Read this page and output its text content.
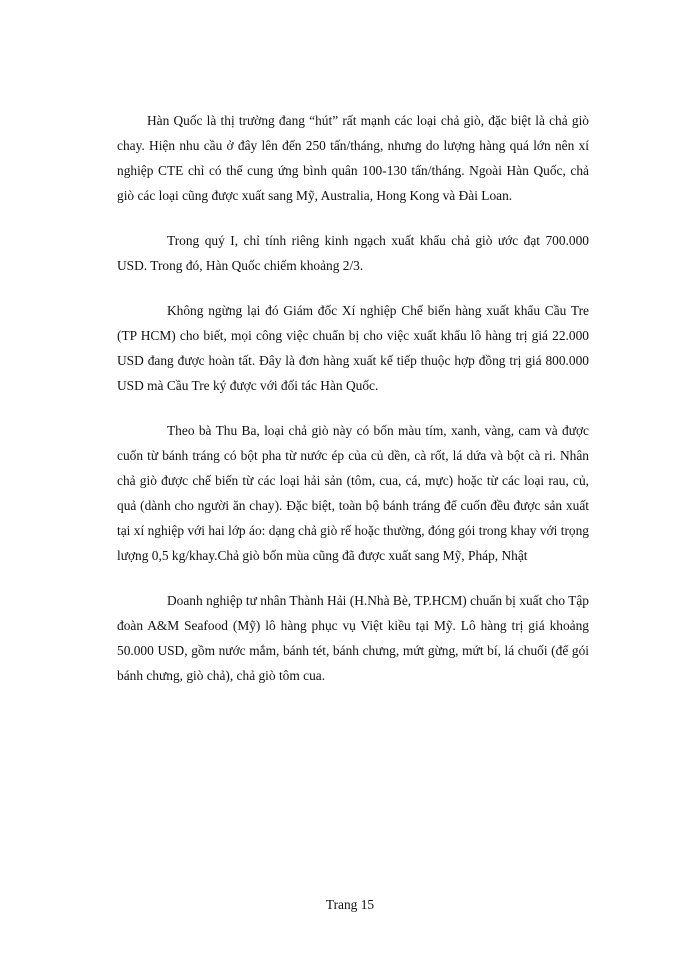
Hàn Quốc là thị trường đang “hút” rất mạnh các loại chả giò, đặc biệt là chả giò chay. Hiện nhu cầu ở đây lên đến 250 tấn/tháng, nhưng do lượng hàng quá lớn nên xí nghiệp CTE chỉ có thể cung ứng bình quân 100-130 tấn/tháng. Ngoài Hàn Quốc, chả giò các loại cũng được xuất sang Mỹ, Australia, Hong Kong và Đài Loan.

Trong quý I, chỉ tính riêng kinh ngạch xuất khẩu chả giò ước đạt 700.000 USD. Trong đó, Hàn Quốc chiếm khoảng 2/3.

Không ngừng lại đó Giám đốc Xí nghiệp Chế biến hàng xuất khẩu Cầu Tre (TP HCM) cho biết, mọi công việc chuẩn bị cho việc xuất khẩu lô hàng trị giá 22.000 USD đang được hoàn tất. Đây là đơn hàng xuất kế tiếp thuộc hợp đồng trị giá 800.000 USD mà Cầu Tre ký được với đối tác Hàn Quốc.

Theo bà Thu Ba, loại chả giò này có bốn màu tím, xanh, vàng, cam và được cuốn từ bánh tráng có bột pha từ nước ép của củ dền, cà rốt, lá dứa và bột cà ri. Nhân chả giò được chế biến từ các loại hải sản (tôm, cua, cá, mực) hoặc từ các loại rau, củ, quả (dành cho người ăn chay). Đặc biệt, toàn bộ bánh tráng để cuốn đều được sản xuất tại xí nghiệp với hai lớp áo: dạng chả giò rế hoặc thường, đóng gói trong khay với trọng lượng 0,5 kg/khay.Chả giò bốn mùa cũng đã được xuất sang Mỹ, Pháp, Nhật

Doanh nghiệp tư nhân Thành Hải (H.Nhà Bè, TP.HCM) chuẩn bị xuất cho Tập đoàn A&M Seafood (Mỹ) lô hàng phục vụ Việt kiều tại Mỹ. Lô hàng trị giá khoảng 50.000 USD, gồm nước mắm, bánh tét, bánh chưng, mứt gừng, mứt bí, lá chuối (để gói bánh chưng, giò chả), chả giò tôm cua.

Trang 15
